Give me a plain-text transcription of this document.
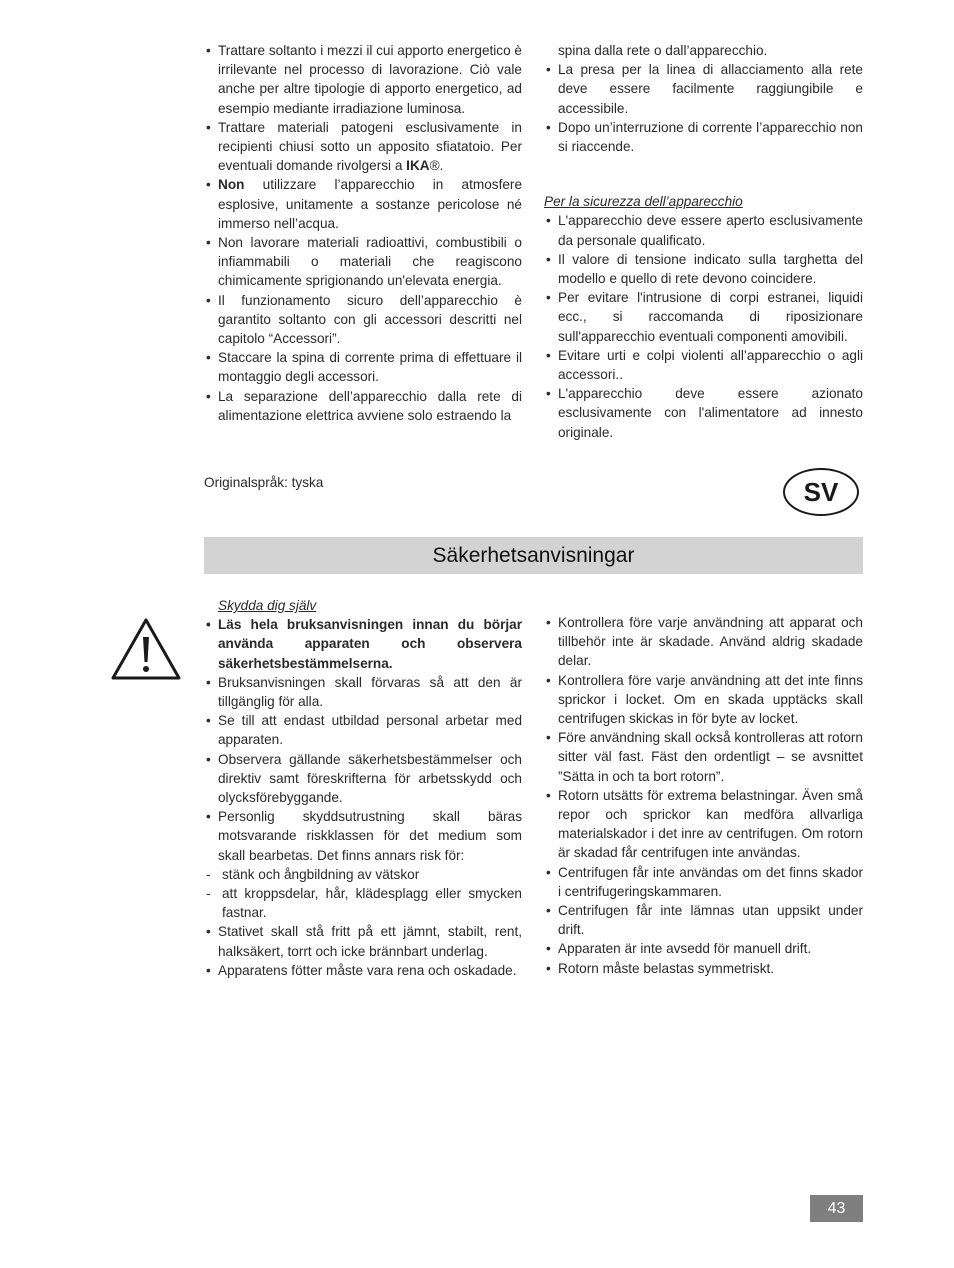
• Trattare soltanto i mezzi il cui apporto energetico è irrilevante nel processo di lavorazione. Ciò vale anche per altre tipologie di apporto energetico, ad esempio mediante irradiazione luminosa.
• Trattare materiali patogeni esclusivamente in recipienti chiusi sotto un apposito sfiatatoio. Per eventuali domande rivolgersi a IKA®.
• Non utilizzare l’apparecchio in atmosfere esplosive, unitamente a sostanze pericolose né immerso nell’acqua.
• Non lavorare materiali radioattivi, combustibili o infiammabili o materiali che reagiscono chimicamente sprigionando un'elevata energia.
• Il funzionamento sicuro dell’apparecchio è garantito soltanto con gli accessori descritti nel capitolo “Accessori”.
• Staccare la spina di corrente prima di effettuare il montaggio degli accessori.
• La separazione dell’apparecchio dalla rete di alimentazione elettrica avviene solo estraendo la
spina dalla rete o dall’apparecchio.
• La presa per la linea di allacciamento alla rete deve essere facilmente raggiungibile e accessibile.
• Dopo un’interruzione di corrente l’apparecchio non si riaccende.

Per la sicurezza dell’apparecchio

• L'apparecchio deve essere aperto esclusivamente da personale qualificato.
• Il valore di tensione indicato sulla targhetta del modello e quello di rete devono coincidere.
• Per evitare l'intrusione di corpi estranei, liquidi ecc., si raccomanda di riposizionare sull'apparecchio eventuali componenti amovibili.
• Evitare urti e colpi violenti all’apparecchio o agli accessori..
• L'apparecchio deve essere azionato esclusivamente con l'alimentatore ad innesto originale.
Originalspråk: tyska	SV
Säkerhetsanvisningar

Skydda dig själv

• Läs hela bruksanvisningen innan du börjar använda apparaten och observera säkerhetsbestämmelserna.
• Bruksanvisningen skall förvaras så att den är tillgänglig för alla.
• Se till att endast utbildad personal arbetar med apparaten.
• Observera gällande säkerhetsbestämmelser och direktiv samt föreskrifterna för arbetsskydd och olycksförebyggande.
• Personlig skyddsutrustning skall bäras motsvarande riskklassen för det medium som skall bearbetas. Det finns annars risk för:
- stänk och ångbildning av vätskor
- att kroppsdelar, hår, klädesplagg eller smycken fastnar.
• Stativet skall stå fritt på ett jämnt, stabilt, rent, halksäkert, torrt och icke brännbart underlag.
• Apparatens fötter måste vara rena och oskadade.
• Kontrollera före varje användning att apparat och tillbehör inte är skadade. Använd aldrig skadade delar.
• Kontrollera före varje användning att det inte finns sprickor i locket. Om en skada upptäcks skall centrifugen skickas in för byte av locket.
• Före användning skall också kontrolleras att rotorn sitter väl fast. Fäst den ordentligt – se avsnittet ”Sätta in och ta bort rotorn”.
• Rotorn utsätts för extrema belastningar. Även små repor och sprickor kan medföra allvarliga materialskador i det inre av centrifugen. Om rotorn är skadad får centrifugen inte användas.
• Centrifugen får inte användas om det finns skador i centrifugeringskammaren.
• Centrifugen får inte lämnas utan uppsikt under drift.
• Apparaten är inte avsedd för manuell drift.
• Rotorn måste belastas symmetriskt.
43
